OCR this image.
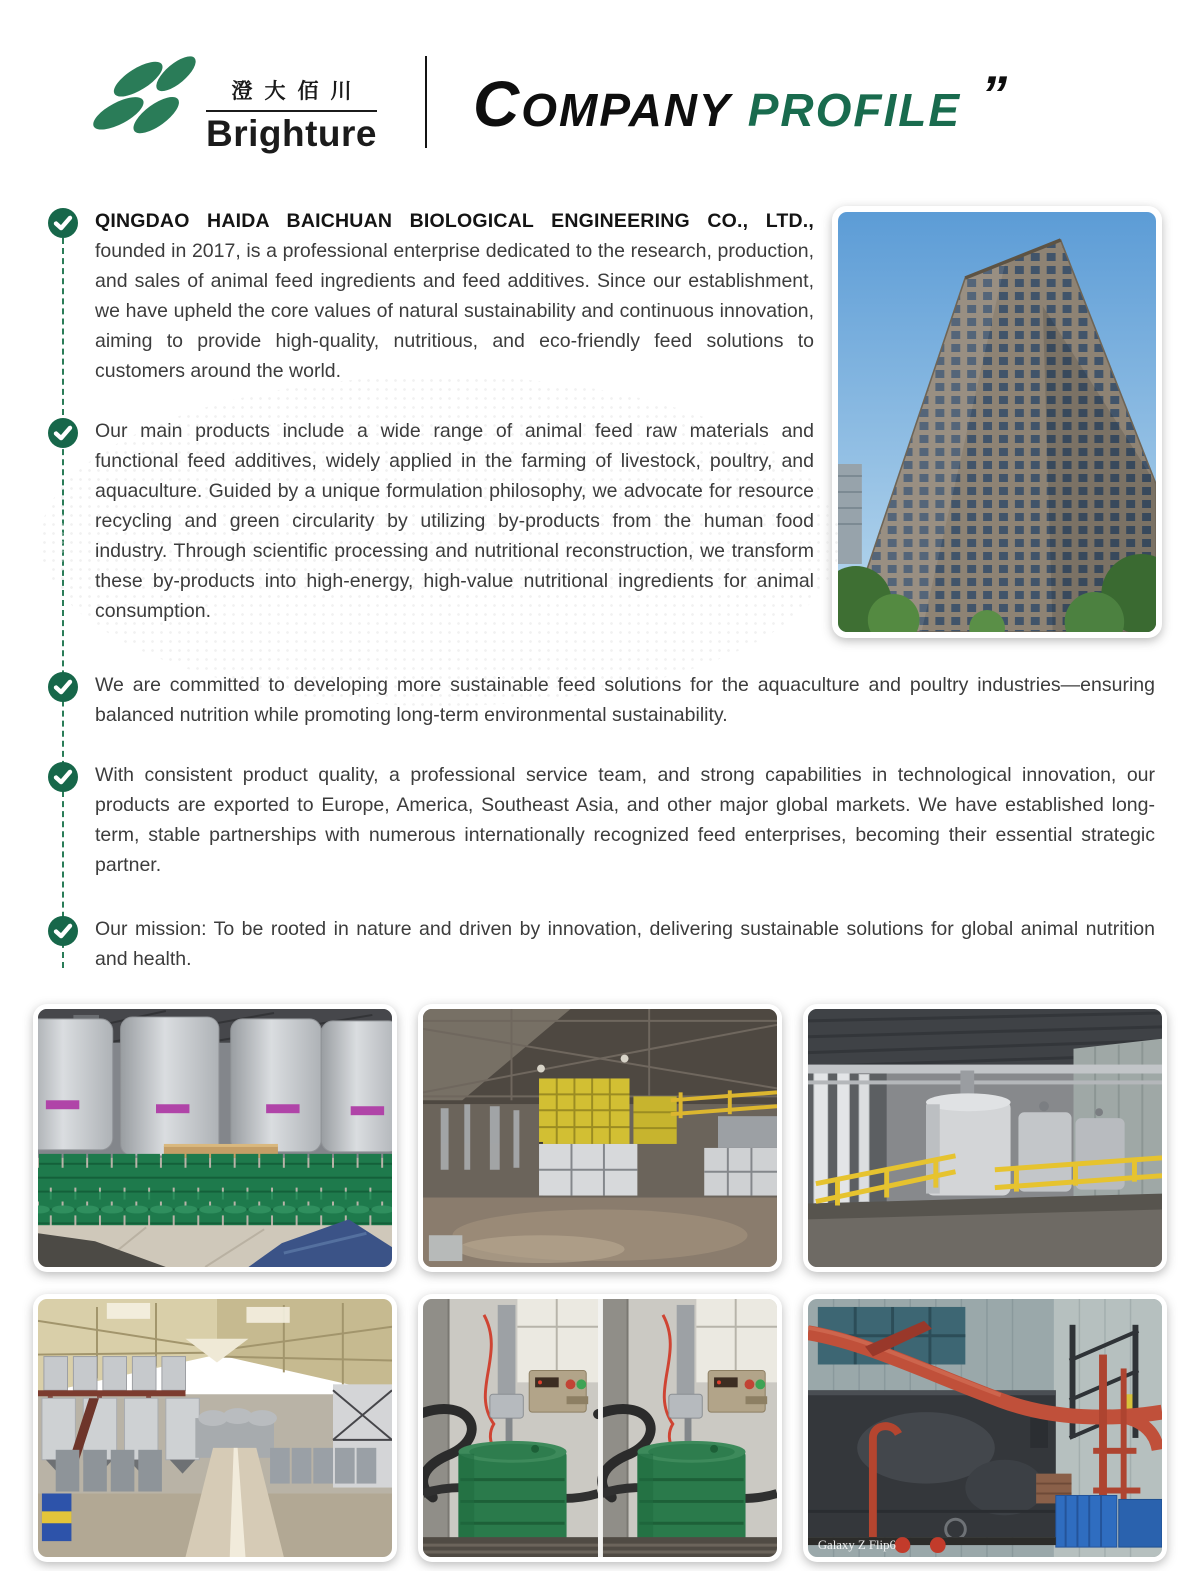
澄大佰川
Brighture COMPANY PROFILE ”

QINGDAO HAIDA BAICHUAN BIOLOGICAL ENGINEERING CO., LTD., founded in 2017, is a professional enterprise dedicated to the research, production, and sales of animal feed ingredients and feed additives. Since our establishment, we have upheld the core values of natural sustainability and continuous innovation, aiming to provide high-quality, nutritious, and eco-friendly feed solutions to customers around the world.

Our main products include a wide range of animal feed raw materials and functional feed additives, widely applied in the farming of livestock, poultry, and aquaculture. Guided by a unique formulation philosophy, we advocate for resource recycling and green circularity by utilizing by-products from the human food industry. Through scientific processing and nutritional reconstruction, we transform these by-products into high-energy, high-value nutritional ingredients for animal consumption.

We are committed to developing more sustainable feed solutions for the aquaculture and poultry industries—ensuring balanced nutrition while promoting long-term environmental sustainability.

With consistent product quality, a professional service team, and strong capabilities in technological innovation, our products are exported to Europe, America, Southeast Asia, and other major global markets. We have established long-term, stable partnerships with numerous internationally recognized feed enterprises, becoming their essential strategic partner.

Our mission: To be rooted in nature and driven by innovation, delivering sustainable solutions for global animal nutrition and health.

Galaxy Z Flip6
